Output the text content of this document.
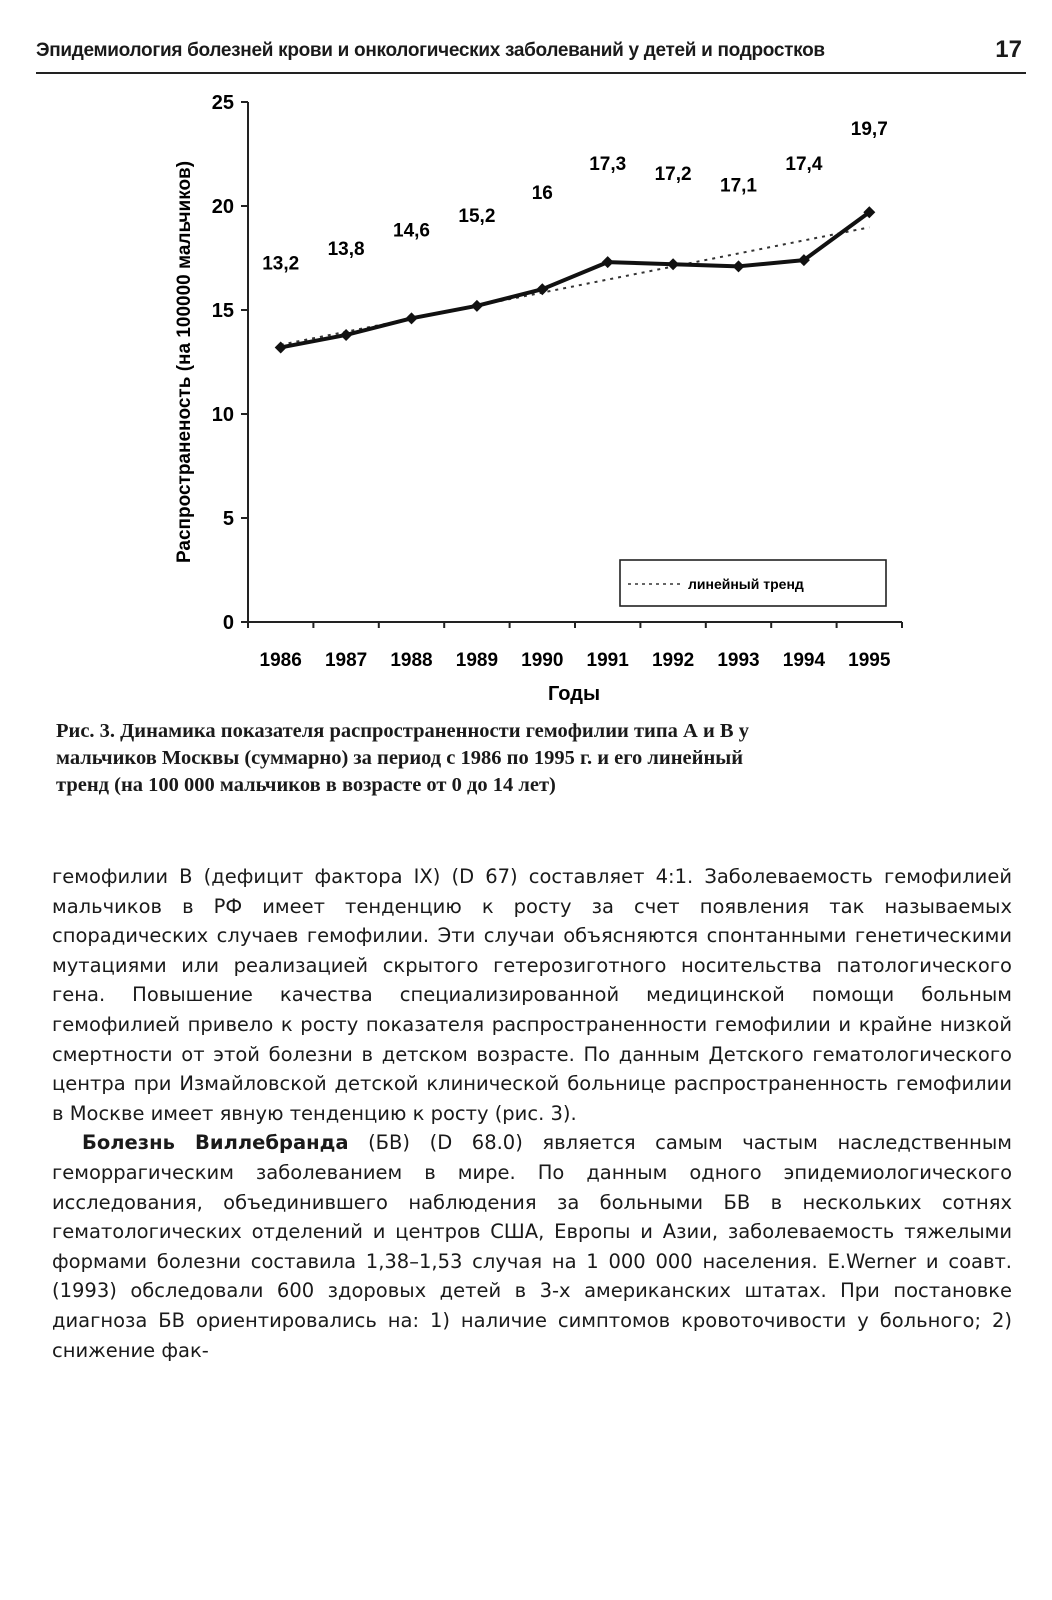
Эпидемиология болезней крови и онкологических заболеваний у детей и подростков	17
0
5
10
15
20
25
1986 1987 1988 1989 1990 1991 1992 1993 1994 1995
Распространеность (на 100000 мальчиков)
Годы
13,2
13,8
14,6
15,2
16
17,3 17,2
17,1
17,4
19,7
линейный тренд
Рис. 3. Динамика показателя распространенности гемофилии типа А и В у
мальчиков Москвы (суммарно) за период с 1986 по 1995 г. и его линейный
тренд (на 100 000 мальчиков в возрасте от 0 до 14 лет)

гемофилии В (дефицит фактора IX) (D 67) составляет 4:1. Заболеваемость гемофилией мальчиков в РФ имеет тенденцию к росту за счет появления так называемых спорадических случаев гемофилии. Эти случаи объясняются спонтанными генетическими мутациями или реализацией скрытого гетерозиготного носительства патологического гена. Повышение качества специализированной медицинской помощи больным гемофилией привело к росту показателя распространенности гемофилии и крайне низкой смертности от этой болезни в детском возрасте. По данным Детского гематологического центра при Измайловской детской клинической больнице распространенность гемофилии в Москве имеет явную тенденцию к росту (рис. 3).

Болезнь Виллебранда (БВ) (D 68.0) является самым частым наследственным геморрагическим заболеванием в мире. По данным одного эпидемиологического исследования, объединившего наблюдения за больными БВ в нескольких сотнях гематологических отделений и центров США, Европы и Азии, заболеваемость тяжелыми формами болезни составила 1,38–1,53 случая на 1 000 000 населения. E.Werner и соавт. (1993) обследовали 600 здоровых детей в 3-х американских штатах. При постановке диагноза БВ ориентировались на: 1) наличие симптомов кровоточивости у больного; 2) снижение фак-
